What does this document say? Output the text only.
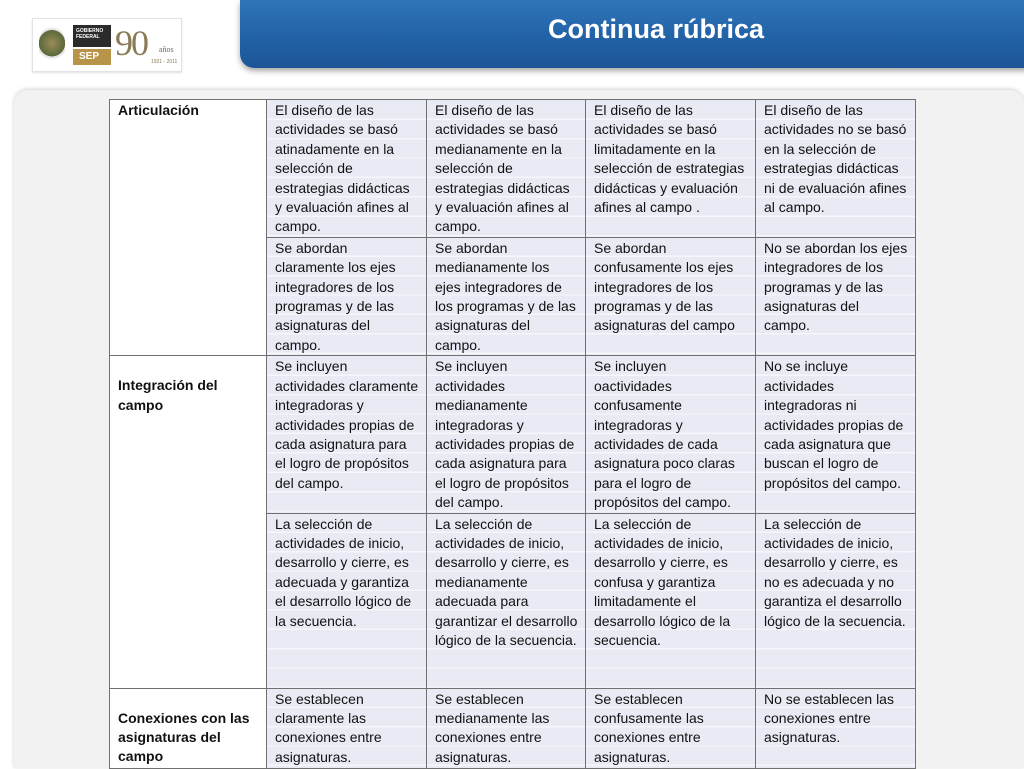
GOBIERNO FEDERAL
SEP 90 años
1921 - 2011
Continua rúbrica
Articulación	El diseño de las actividades se basó atinadamente en la selección de estrategias didácticas y evaluación afines al campo.	El diseño de las actividades se basó medianamente en la selección de estrategias didácticas y evaluación afines al campo.	El diseño de las actividades se basó limitadamente en la selección de estrategias didácticas y evaluación afines al campo .	El diseño de las actividades no se basó en la selección de estrategias didácticas ni de evaluación afines al campo.
	Se abordan claramente los ejes integradores de los programas y de las asignaturas del campo.	Se abordan medianamente los ejes integradores de los programas y de las asignaturas del campo.	Se abordan confusamente los ejes integradores de los programas y de las asignaturas del campo	No se abordan los ejes integradores de los programas y de las asignaturas del campo.
Integración del campo	Se incluyen actividades claramente integradoras y actividades propias de cada asignatura para el logro de propósitos del campo.	Se incluyen actividades medianamente integradoras y actividades propias de cada asignatura para el logro de propósitos del campo.	Se incluyen oactividades confusamente integradoras y actividades de cada asignatura poco claras para el logro de propósitos del campo.	No se incluye actividades integradoras ni actividades propias de cada asignatura que buscan el logro de propósitos del campo.
	La selección de actividades de inicio, desarrollo y cierre, es adecuada y garantiza el desarrollo lógico de la secuencia.	La selección de actividades de inicio, desarrollo y cierre, es medianamente adecuada para garantizar el desarrollo lógico de la secuencia.	La selección de actividades de inicio, desarrollo y cierre, es confusa y garantiza limitadamente el desarrollo lógico de la secuencia.	La selección de actividades de inicio, desarrollo y cierre, es no es adecuada y no garantiza el desarrollo lógico de la secuencia.
Conexiones con las asignaturas del campo	Se establecen claramente las conexiones entre asignaturas.	Se establecen medianamente las conexiones entre asignaturas.	Se establecen confusamente las conexiones entre asignaturas.	No se establecen las conexiones entre asignaturas.
